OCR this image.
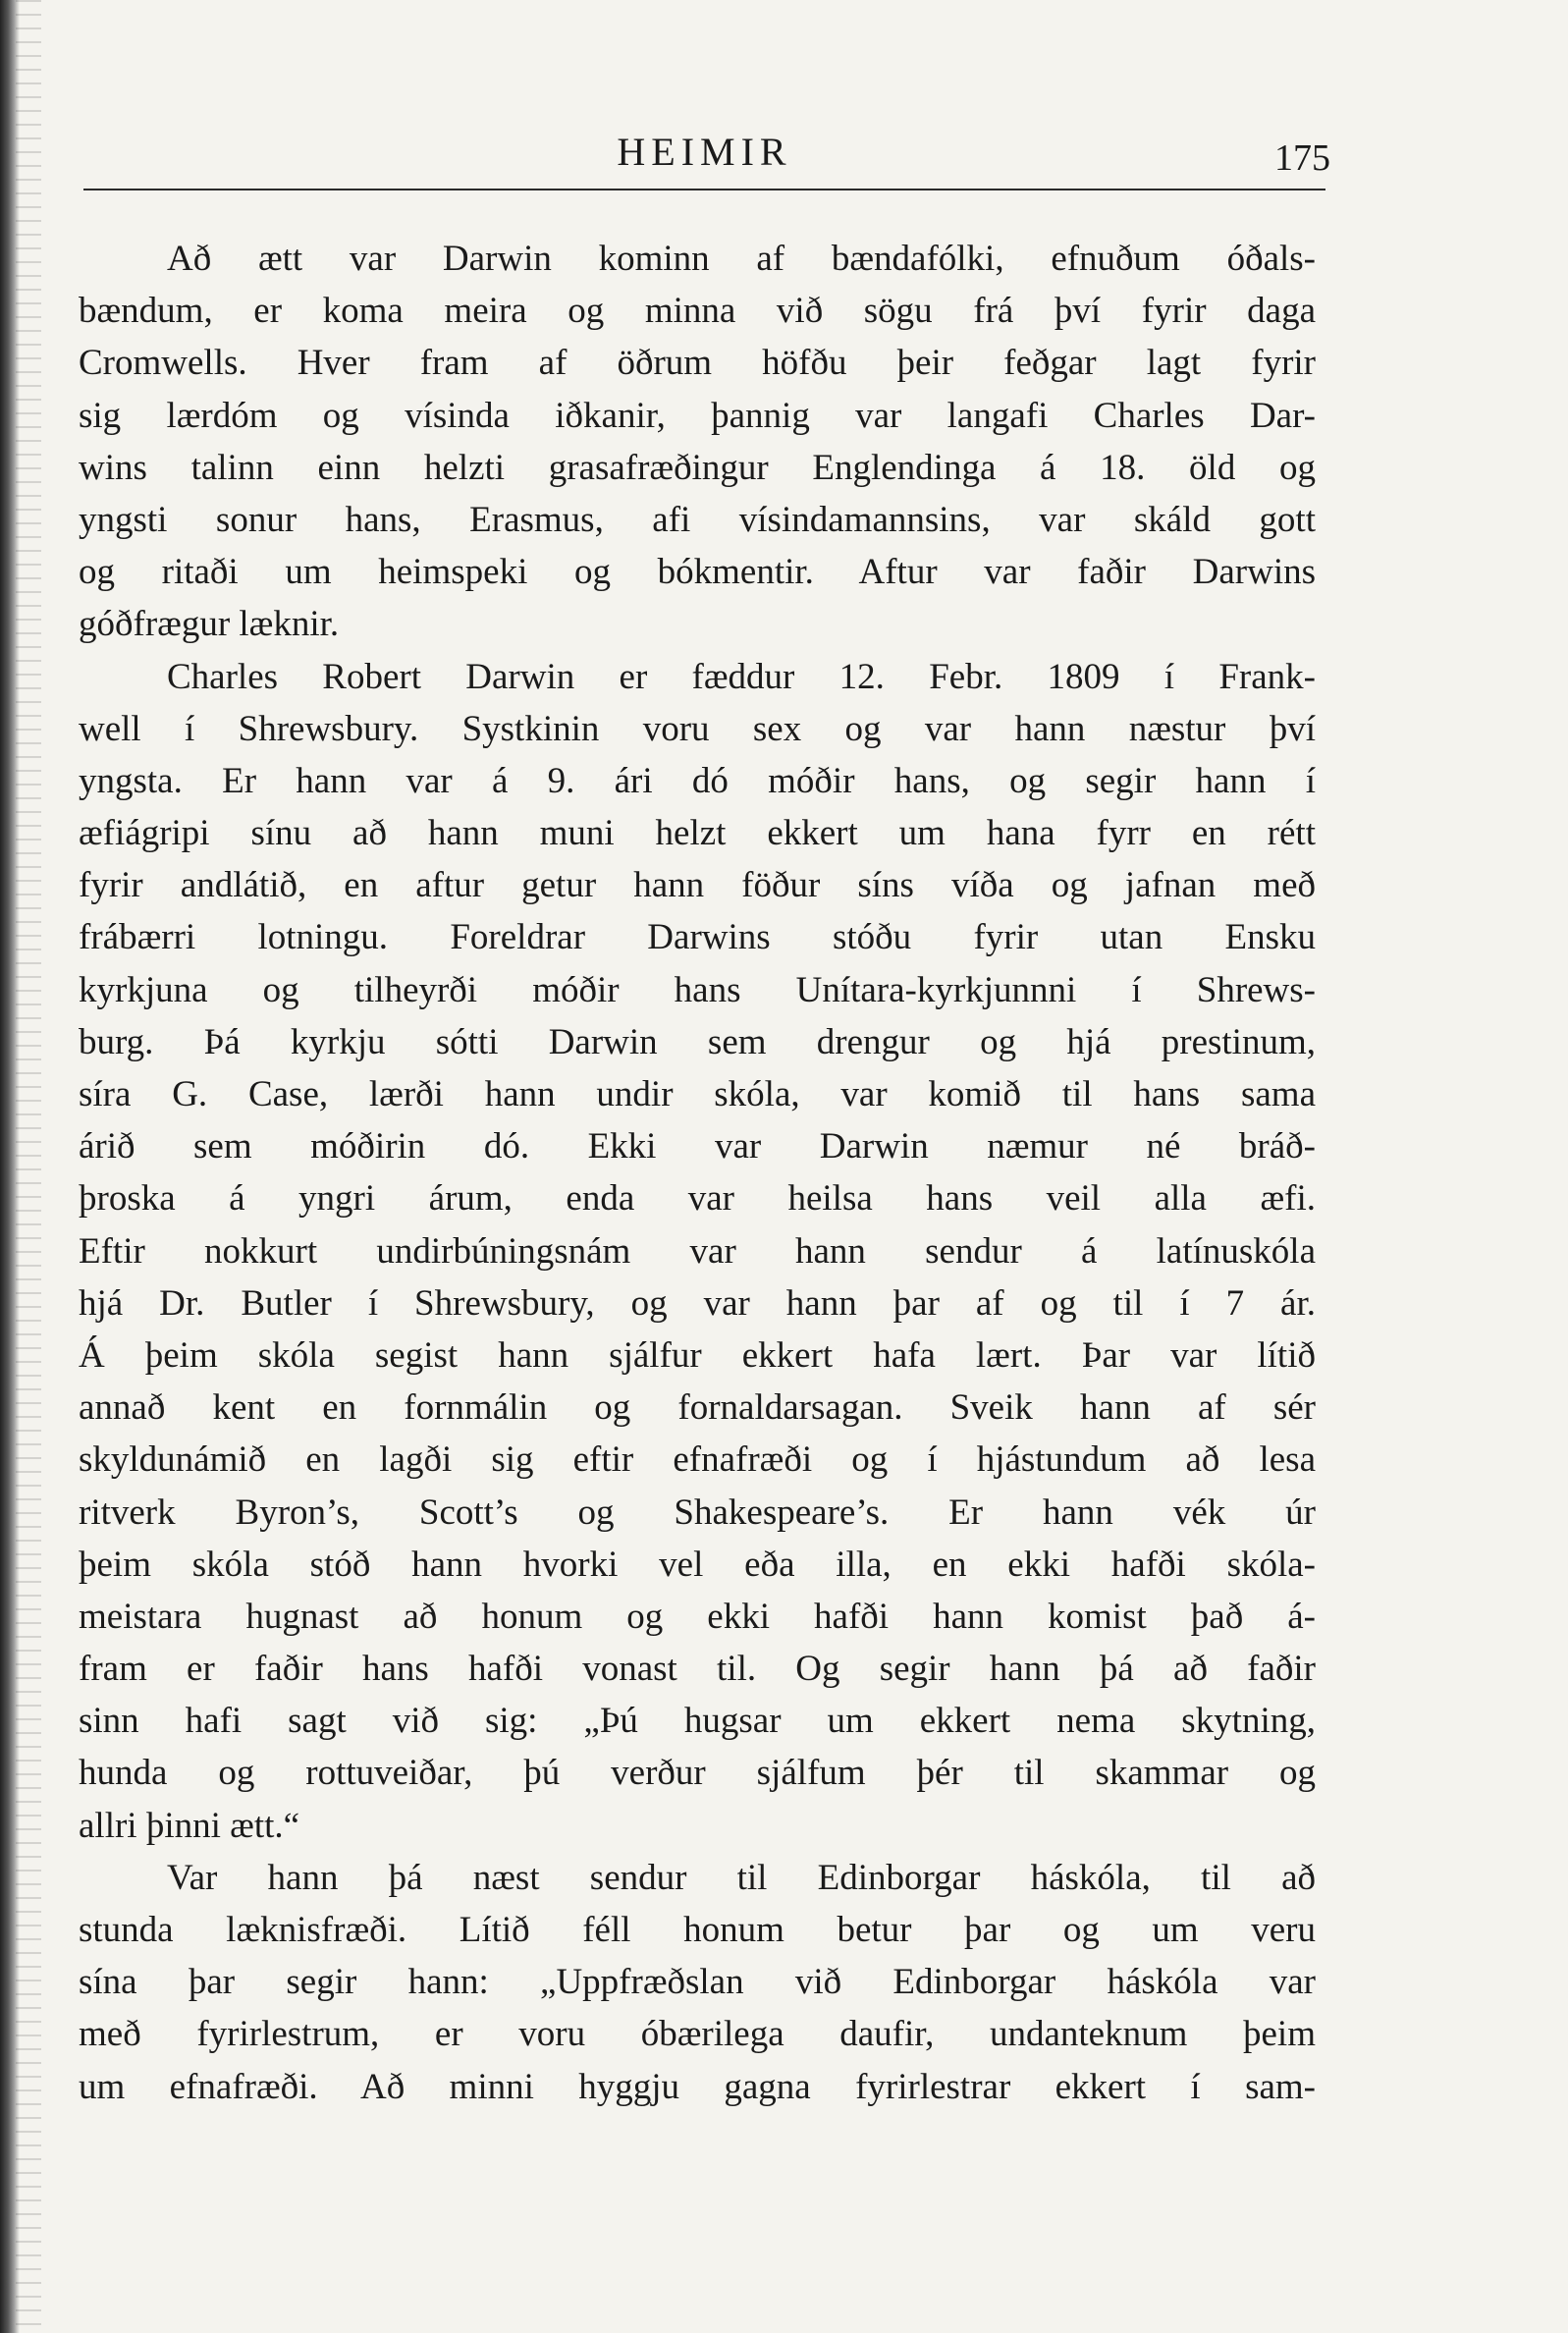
HEIMIR	175
Að ætt var Darwin kominn af bændafólki, efnuðum óðals-
bændum, er koma meira og minna við sögu frá því fyrir daga
Cromwells. Hver fram af öðrum höfðu þeir feðgar lagt fyrir
sig lærdóm og vísinda iðkanir, þannig var langafi Charles Dar-
wins talinn einn helzti grasafræðingur Englendinga á 18. öld og
yngsti sonur hans, Erasmus, afi vísindamannsins, var skáld gott
og ritaði um heimspeki og bókmentir. Aftur var faðir Darwins
góðfrægur læknir.
Charles Robert Darwin er fæddur 12. Febr. 1809 í Frank-
well í Shrewsbury. Systkinin voru sex og var hann næstur því
yngsta. Er hann var á 9. ári dó móðir hans, og segir hann í
æfiágripi sínu að hann muni helzt ekkert um hana fyrr en rétt
fyrir andlátið, en aftur getur hann föður síns víða og jafnan með
frábærri lotningu. Foreldrar Darwins stóðu fyrir utan Ensku
kyrkjuna og tilheyrði móðir hans Unítara-kyrkjunnni í Shrews-
burg. Þá kyrkju sótti Darwin sem drengur og hjá prestinum,
síra G. Case, lærði hann undir skóla, var komið til hans sama
árið sem móðirin dó. Ekki var Darwin næmur né bráð-
þroska á yngri árum, enda var heilsa hans veil alla æfi.
Eftir nokkurt undirbúningsnám var hann sendur á latínuskóla
hjá Dr. Butler í Shrewsbury, og var hann þar af og til í 7 ár.
Á þeim skóla segist hann sjálfur ekkert hafa lært. Þar var lítið
annað kent en fornmálin og fornaldarsagan. Sveik hann af sér
skyldunámið en lagði sig eftir efnafræði og í hjástundum að lesa
ritverk Byron’s, Scott’s og Shakespeare’s. Er hann vék úr
þeim skóla stóð hann hvorki vel eða illa, en ekki hafði skóla-
meistara hugnast að honum og ekki hafði hann komist það á-
fram er faðir hans hafði vonast til. Og segir hann þá að faðir
sinn hafi sagt við sig: „Þú hugsar um ekkert nema skytning,
hunda og rottuveiðar, þú verður sjálfum þér til skammar og
allri þinni ætt.“
Var hann þá næst sendur til Edinborgar háskóla, til að
stunda læknisfræði. Lítið féll honum betur þar og um veru
sína þar segir hann: „Uppfræðslan við Edinborgar háskóla var
með fyrirlestrum, er voru óbærilega daufir, undanteknum þeim
um efnafræði. Að minni hyggju gagna fyrirlestrar ekkert í sam-
